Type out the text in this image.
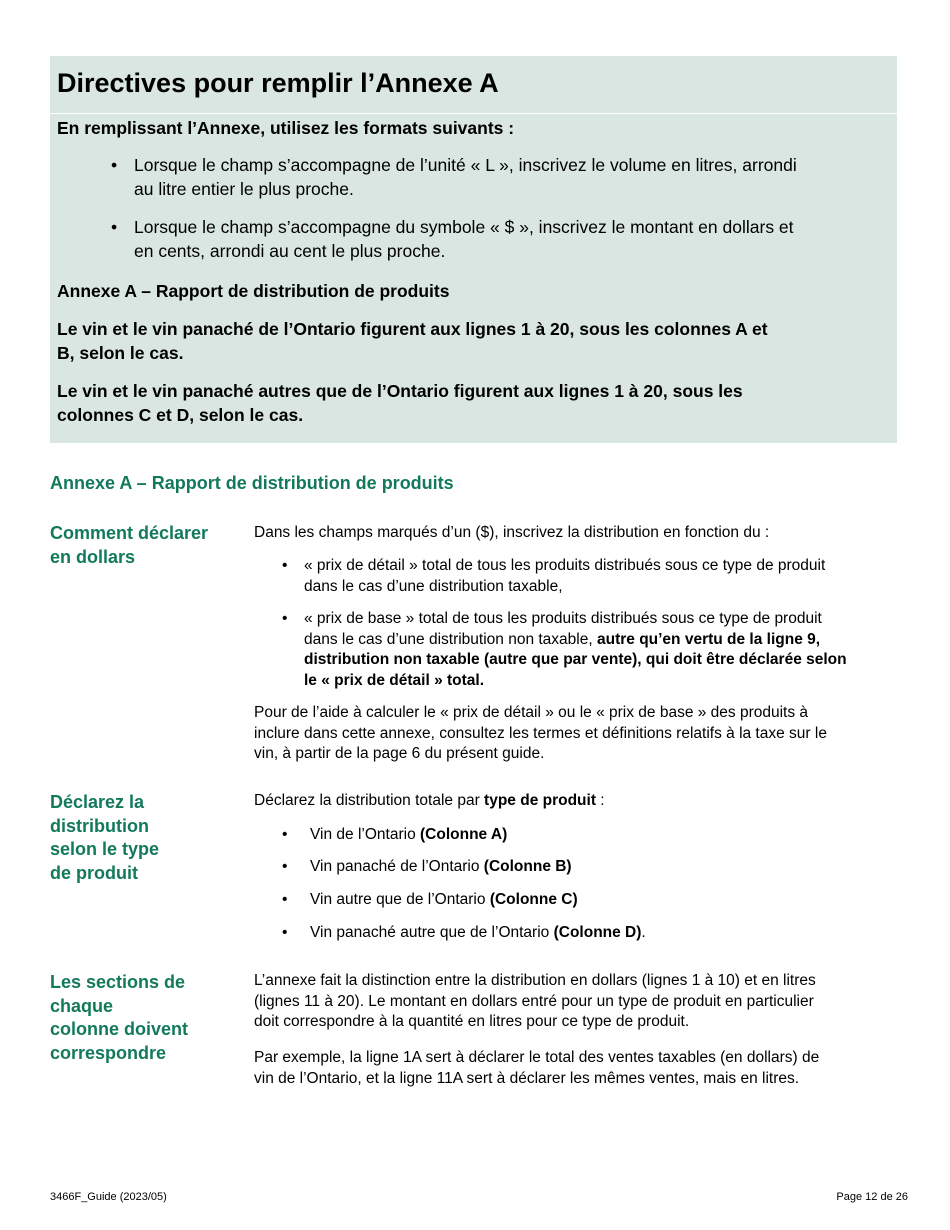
Directives pour remplir l’Annexe A
En remplissant l’Annexe, utilisez les formats suivants :
• Lorsque le champ s’accompagne de l’unité « L », inscrivez le volume en litres, arrondi
au litre entier le plus proche.
• Lorsque le champ s’accompagne du symbole « $ », inscrivez le montant en dollars et
en cents, arrondi au cent le plus proche.
Annexe A – Rapport de distribution de produits
Le vin et le vin panaché de l’Ontario figurent aux lignes 1 à 20, sous les colonnes A et
B, selon le cas.
Le vin et le vin panaché autres que de l’Ontario figurent aux lignes 1 à 20, sous les
colonnes C et D, selon le cas.
Annexe A – Rapport de distribution de produits
Comment déclarer
en dollars
Dans les champs marqués d’un ($), inscrivez la distribution en fonction du :
• « prix de détail » total de tous les produits distribués sous ce type de produit
dans le cas d’une distribution taxable,
• « prix de base » total de tous les produits distribués sous ce type de produit
dans le cas d’une distribution non taxable, autre qu’en vertu de la ligne 9,
distribution non taxable (autre que par vente), qui doit être déclarée selon
le « prix de détail » total.
Pour de l’aide à calculer le « prix de détail » ou le « prix de base » des produits à
inclure dans cette annexe, consultez les termes et définitions relatifs à la taxe sur le
vin, à partir de la page 6 du présent guide.
Déclarez la
distribution
selon le type
de produit
Déclarez la distribution totale par type de produit :
• Vin de l’Ontario (Colonne A)
• Vin panaché de l’Ontario (Colonne B)
• Vin autre que de l’Ontario (Colonne C)
• Vin panaché autre que de l’Ontario (Colonne D).
Les sections de
chaque
colonne doivent
correspondre
L’annexe fait la distinction entre la distribution en dollars (lignes 1 à 10) et en litres
(lignes 11 à 20). Le montant en dollars entré pour un type de produit en particulier
doit correspondre à la quantité en litres pour ce type de produit.
Par exemple, la ligne 1A sert à déclarer le total des ventes taxables (en dollars) de
vin de l’Ontario, et la ligne 11A sert à déclarer les mêmes ventes, mais en litres.
3466F_Guide (2023/05)	Page 12 de 26
